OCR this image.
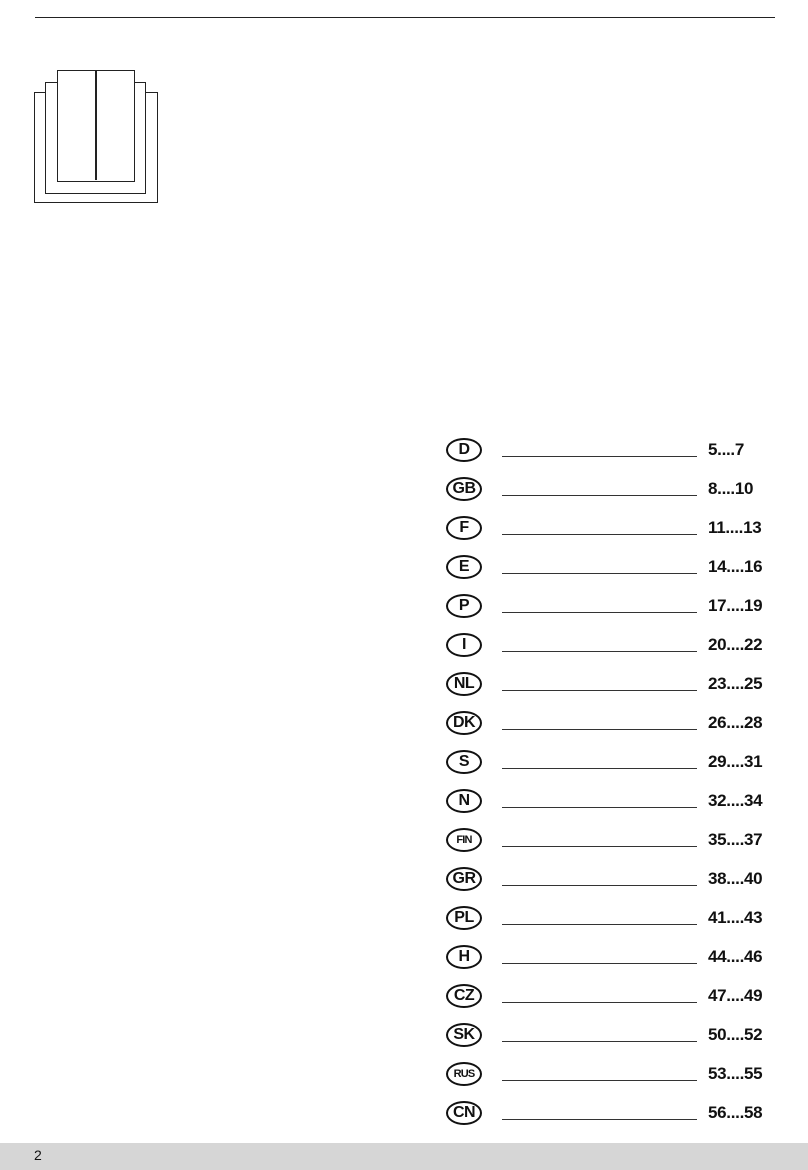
D	5....7
GB	8....10
F	11....13
E	14....16
P	17....19
I	20....22
NL	23....25
DK	26....28
S	29....31
N	32....34
FIN	35....37
GR	38....40
PL	41....43
H	44....46
CZ	47....49
SK	50....52
RUS	53....55
CN	56....58
2
